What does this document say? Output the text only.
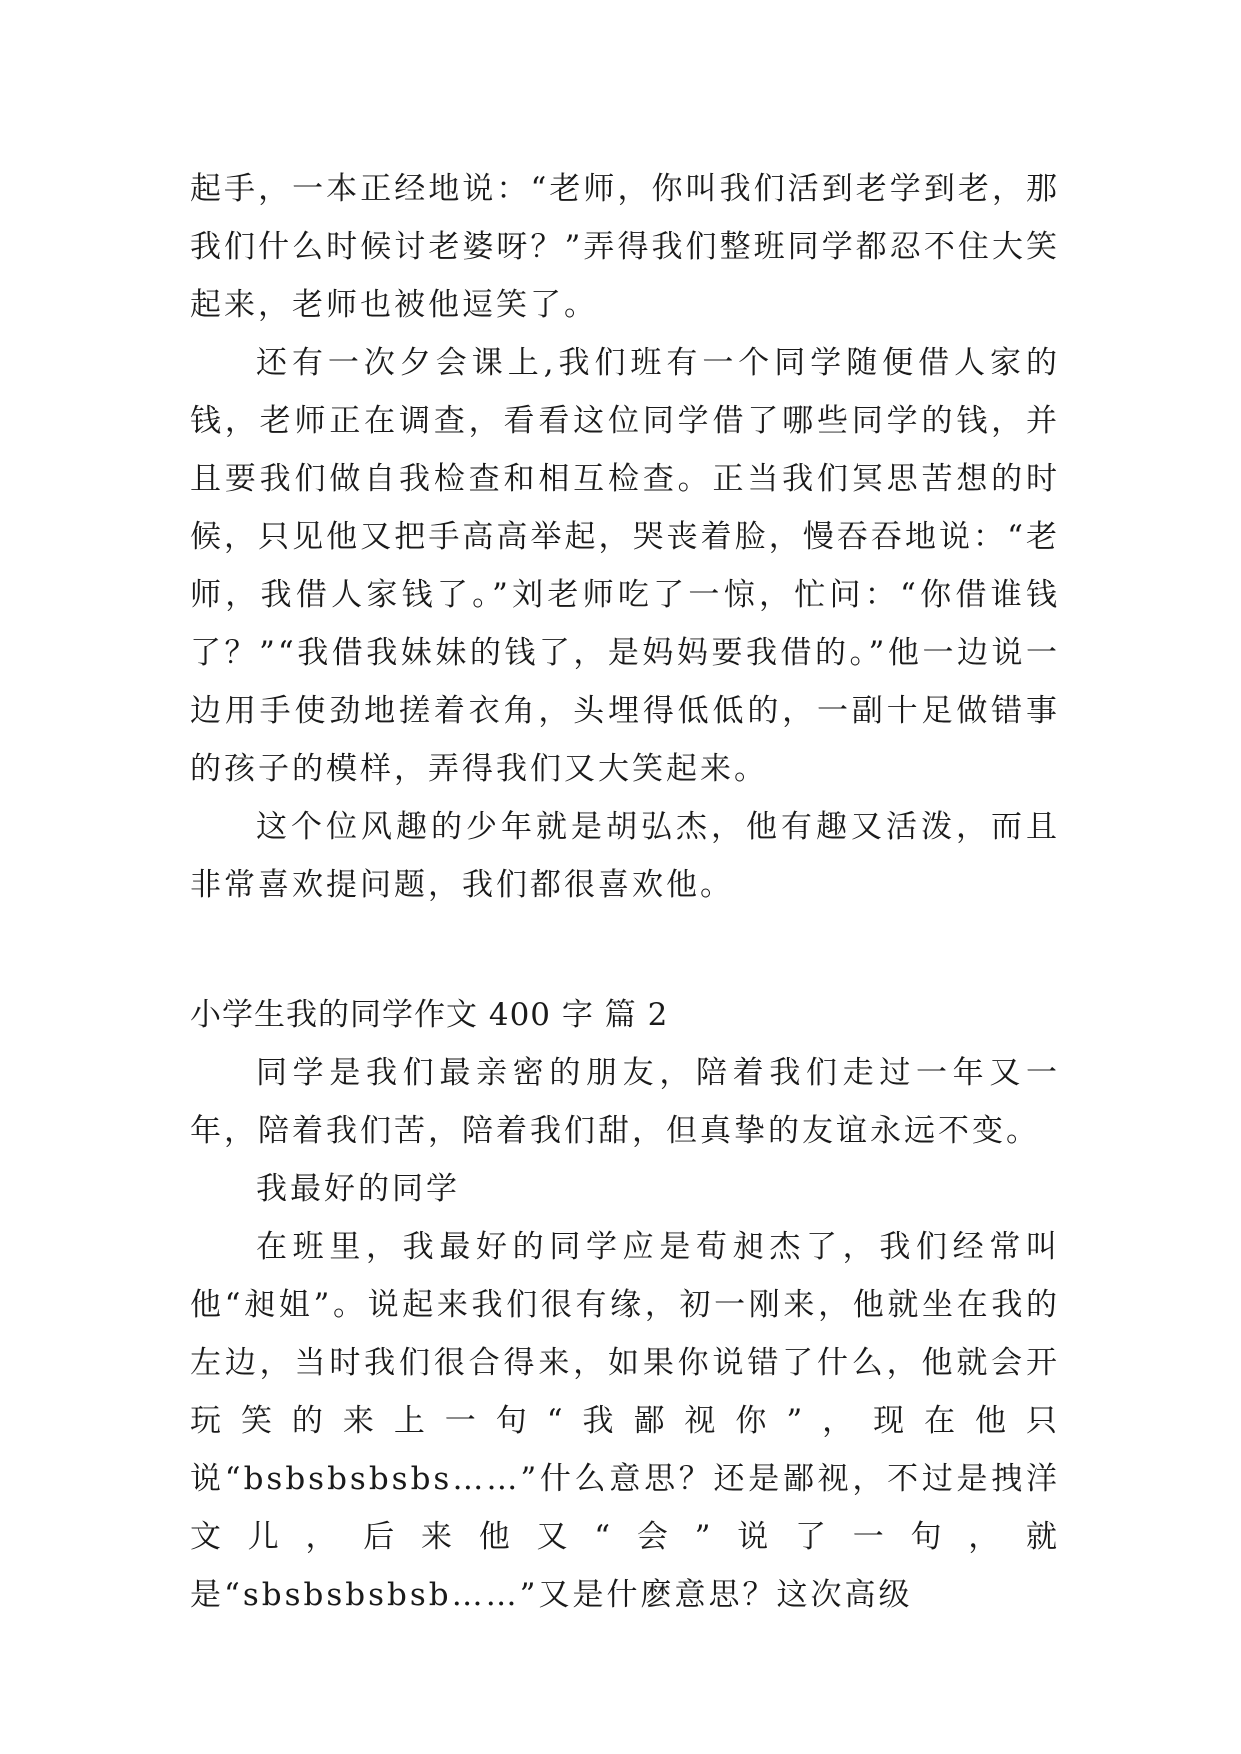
起手，一本正经地说：“老师，你叫我们活到老学到老，那我们什么时候讨老婆呀？”弄得我们整班同学都忍不住大笑起来，老师也被他逗笑了。

还有一次夕会课上,我们班有一个同学随便借人家的钱，老师正在调查，看看这位同学借了哪些同学的钱，并且要我们做自我检查和相互检查。正当我们冥思苦想的时候，只见他又把手高高举起，哭丧着脸，慢吞吞地说：“老师，我借人家钱了。”刘老师吃了一惊，忙问：“你借谁钱了？”“我借我妹妹的钱了，是妈妈要我借的。”他一边说一边用手使劲地搓着衣角，头埋得低低的，一副十足做错事的孩子的模样，弄得我们又大笑起来。

这个位风趣的少年就是胡弘杰，他有趣又活泼，而且非常喜欢提问题，我们都很喜欢他。

小学生我的同学作文 400 字 篇 2

同学是我们最亲密的朋友，陪着我们走过一年又一年，陪着我们苦，陪着我们甜，但真挚的友谊永远不变。

我最好的同学

在班里，我最好的同学应是荀昶杰了，我们经常叫他“昶姐”。说起来我们很有缘，初一刚来，他就坐在我的左边，当时我们很合得来，如果你说错了什么，他就会开玩笑的来上一句“我鄙视你”，现在他只说“bsbsbsbsbs……”什么意思？还是鄙视，不过是拽洋文儿，后来他又“会”说了一句，就是“sbsbsbsbsb……”又是什麽意思？这次高级
